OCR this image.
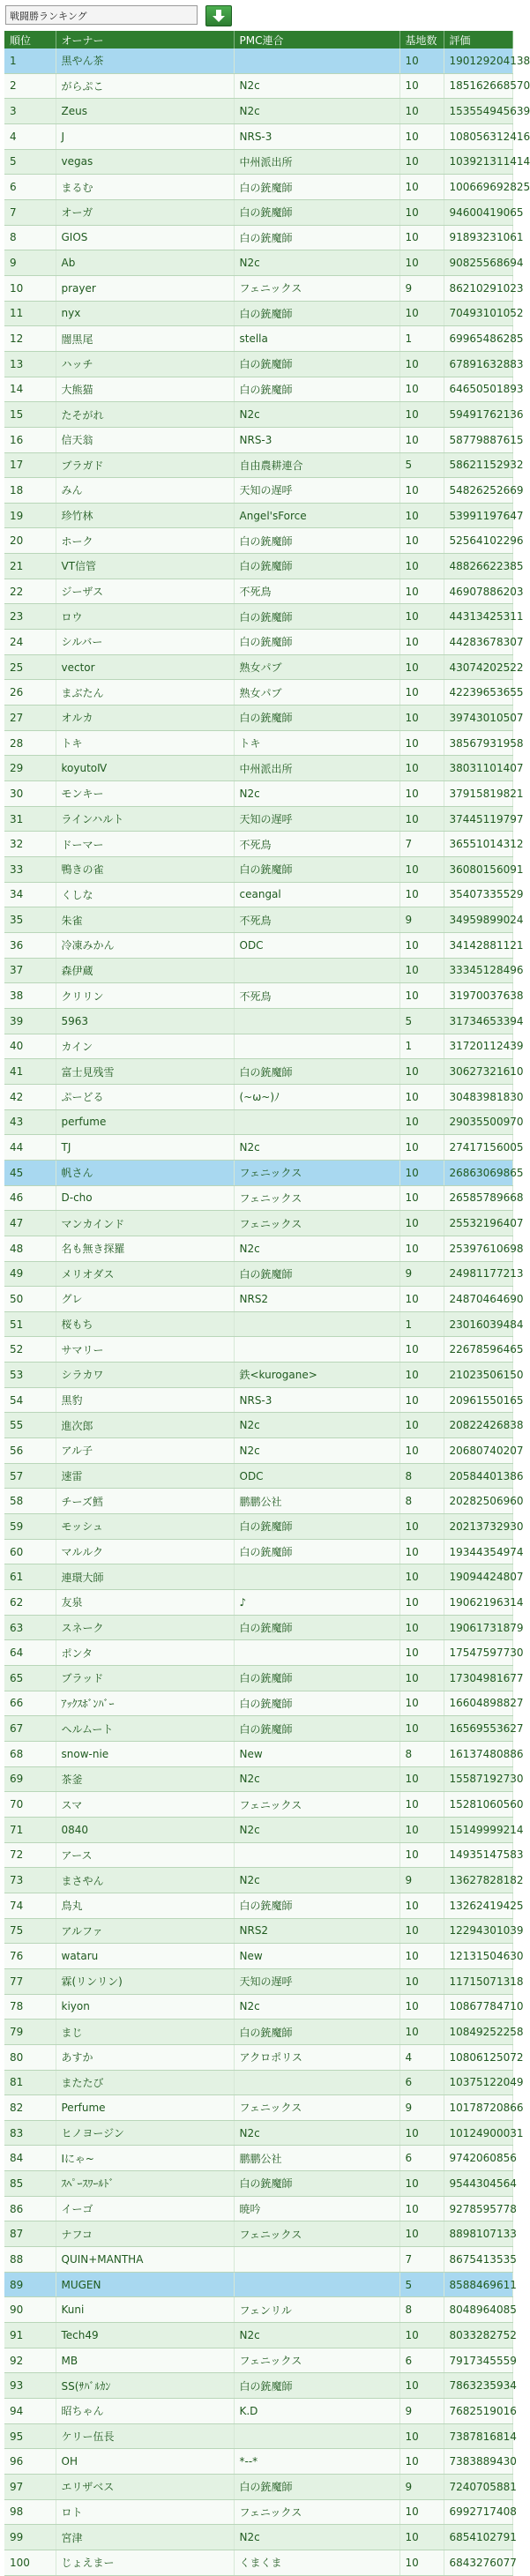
戦闘勝ランキング
順位	オーナー	PMC連合	基地数	評価
1	黒やん茶		10	190129204138
2	がらぷこ	N2c	10	185162668570
3	Zeus	N2c	10	153554945639
4	J	NRS-3	10	108056312416
5	vegas	中州派出所	10	103921311414
6	まるむ	白の銃魔師	10	100669692825
7	オーガ	白の銃魔師	10	94600419065
8	GIOS	白の銃魔師	10	91893231061
9	Ab	N2c	10	90825568694
10	prayer	フェニックス	9	86210291023
11	nyx	白の銃魔師	10	70493101052
12	闇黒尾	stella	1	69965486285
13	ハッチ	白の銃魔師	10	67891632883
14	大熊猫	白の銃魔師	10	64650501893
15	たそがれ	N2c	10	59491762136
16	信天翁	NRS-3	10	58779887615
17	ブラガド	自由農耕連合	5	58621152932
18	みん	天知の遅呼	10	54826252669
19	珍竹林	Angel'sForce	10	53991197647
20	ホーク	白の銃魔師	10	52564102296
21	VT信管	白の銃魔師	10	48826622385
22	ジーザス	不死鳥	10	46907886203
23	ロウ	白の銃魔師	10	44313425311
24	シルバー	白の銃魔師	10	44283678307
25	vector	熟女パブ	10	43074202522
26	まぶたん	熟女パブ	10	42239653655
27	オルカ	白の銃魔師	10	39743010507
28	トキ	トキ	10	38567931958
29	koyutoⅣ	中州派出所	10	38031101407
30	モンキー	N2c	10	37915819821
31	ラインハルト	天知の遅呼	10	37445119797
32	ドーマー	不死鳥	7	36551014312
33	鴨きの雀	白の銃魔師	10	36080156091
34	くしな	ceangal	10	35407335529
35	朱雀	不死鳥	9	34959899024
36	冷凍みかん	ODC	10	34142881121
37	森伊蔵		10	33345128496
38	クリリン	不死鳥	10	31970037638
39	5963		5	31734653394
40	カイン		1	31720112439
41	富士見残雪	白の銃魔師	10	30627321610
42	ぷーどる	(~ω~)ﾉ	10	30483981830
43	perfume		10	29035500970
44	TJ	N2c	10	27417156005
45	帆さん	フェニックス	10	26863069865
46	D-cho	フェニックス	10	26585789668
47	マンカインド	フェニックス	10	25532196407
48	名も無き探羅	N2c	10	25397610698
49	メリオダス	白の銃魔師	9	24981177213
50	グレ	NRS2	10	24870464690
51	桜もち		1	23016039484
52	サマリー		10	22678596465
53	シラカワ	鉄<kurogane>	10	21023506150
54	黒豹	NRS-3	10	20961550165
55	進次郎	N2c	10	20822426838
56	アル子	N2c	10	20680740207
57	速雷	ODC	8	20584401386
58	チーズ鱈	鹏鹏公社	8	20282506960
59	モッシュ	白の銃魔師	10	20213732930
60	マルルク	白の銃魔師	10	19344354974
61	連環大師		10	19094424807
62	友泉	♪	10	19062196314
63	スネーク	白の銃魔師	10	19061731879
64	ポンタ		10	17547597730
65	ブラッド	白の銃魔師	10	17304981677
66	ｱｯｸｽﾎﾞﾝﾊﾞｰ	白の銃魔師	10	16604898827
67	ヘルムート	白の銃魔師	10	16569553627
68	snow-nie	New	8	16137480886
69	茶釜	N2c	10	15587192730
70	スマ	フェニックス	10	15281060560
71	0840	N2c	10	15149999214
72	アース		10	14935147583
73	まさやん	N2c	9	13627828182
74	鳥丸	白の銃魔師	10	13262419425
75	アルファ	NRS2	10	12294301039
76	wataru	New	10	12131504630
77	霖(リンリン)	天知の遅呼	10	11715071318
78	kiyon	N2c	10	10867784710
79	まじ	白の銃魔師	10	10849252258
80	あすか	アクロポリス	4	10806125072
81	またたび		6	10375122049
82	Perfume	フェニックス	9	10178720866
83	ヒノヨージン	N2c	10	10124900031
84	Iにゃ~	鹏鹏公社	6	9742060856
85	ｽﾍﾟｰｽﾜｰﾙﾄﾞ	白の銃魔師	10	9544304564
86	イーゴ	暁吟	10	9278595778
87	ナフコ	フェニックス	10	8898107133
88	QUIN+MANTHA		7	8675413535
89	MUGEN		5	8588469611
90	Kuni	フェンリル	8	8048964085
91	Tech49	N2c	10	8033282752
92	MB	フェニックス	6	7917345559
93	SS(ｻﾊﾞﾙｶﾝ	白の銃魔師	10	7863235934
94	昭ちゃん	K.D	9	7682519016
95	ケリー伍長		10	7387816814
96	OH	*--*	10	7383889430
97	エリザベス	白の銃魔師	9	7240705881
98	ロト	フェニックス	10	6992717408
99	宮津	N2c	10	6854102791
100	じょえまー	くまくま	10	6843276077
